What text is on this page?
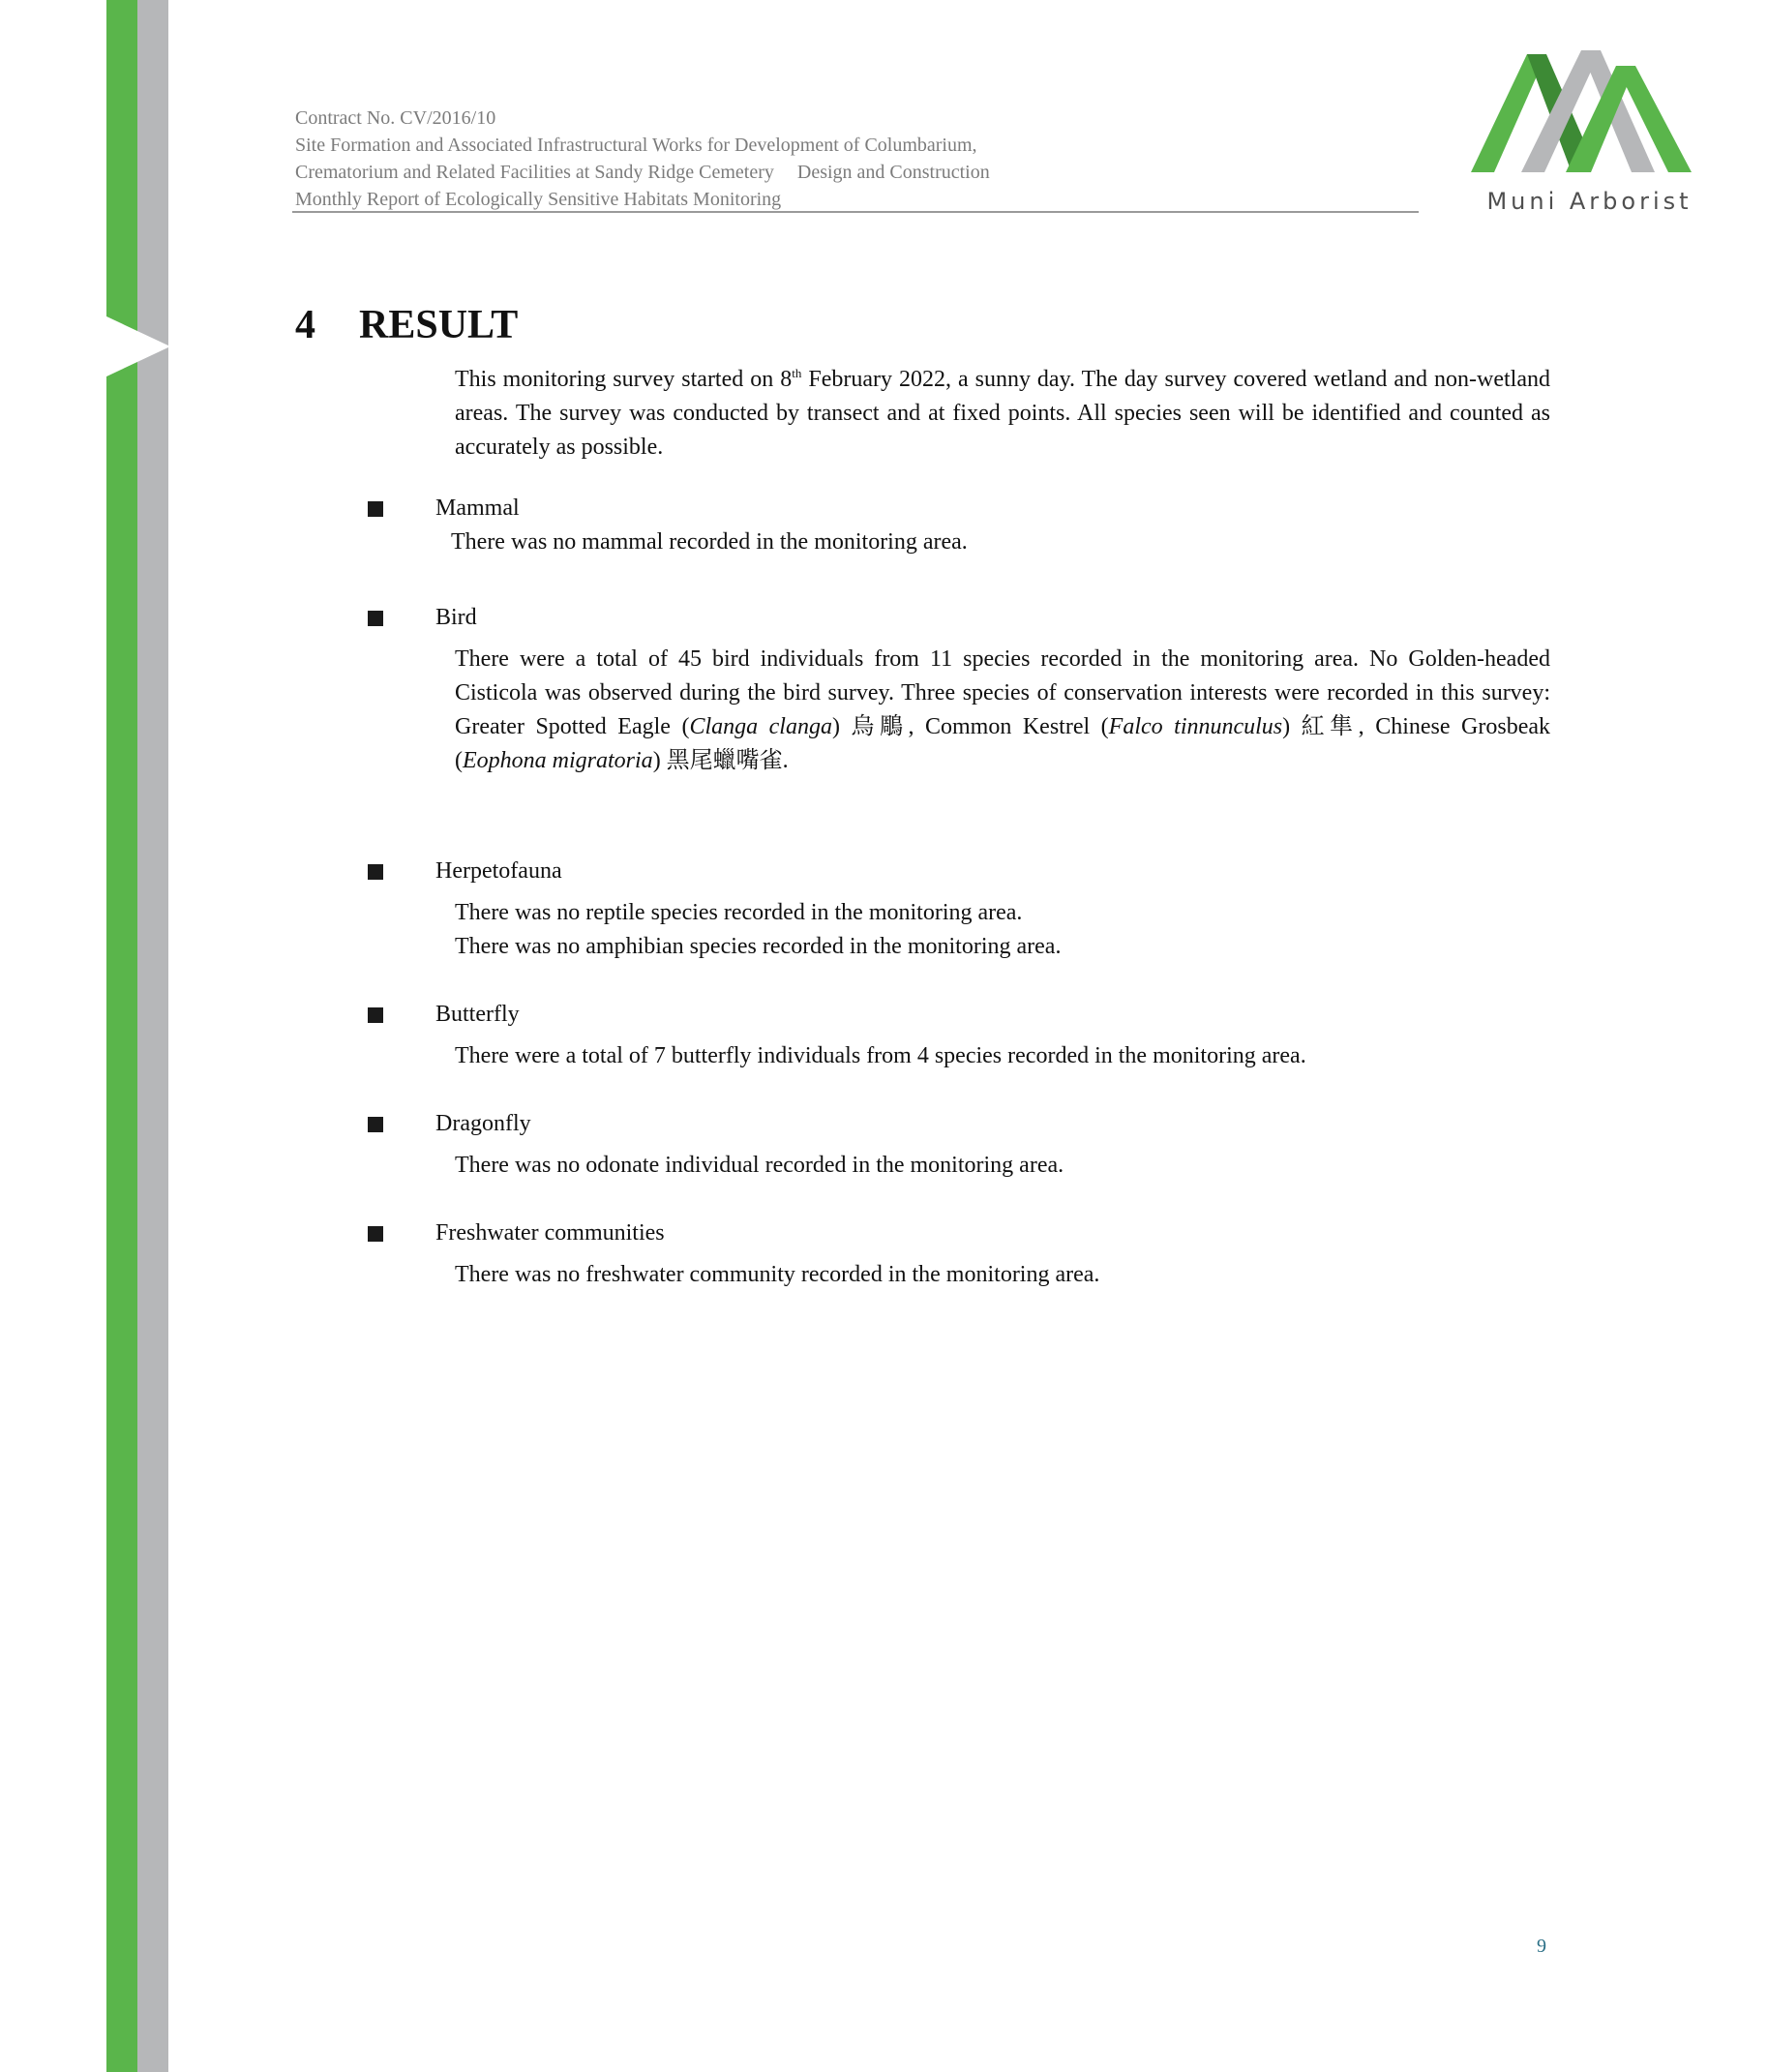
Contract No. CV/2016/10
Site Formation and Associated Infrastructural Works for Development of Columbarium,
Crematorium and Related Facilities at Sandy Ridge Cemetery Design and Construction
Monthly Report of Ecologically Sensitive Habitats Monitoring	Muni Arborist
4 RESULT
This monitoring survey started on 8th February 2022, a sunny day. The day survey covered wetland and non-wetland areas. The survey was conducted by transect and at fixed points. All species seen will be identified and counted as accurately as possible.
Mammal
There was no mammal recorded in the monitoring area.
Bird
There were a total of 45 bird individuals from 11 species recorded in the monitoring area. No Golden-headed Cisticola was observed during the bird survey. Three species of conservation interests were recorded in this survey: Greater Spotted Eagle (Clanga clanga) 烏鵰, Common Kestrel (Falco tinnunculus) 紅隼, Chinese Grosbeak (Eophona migratoria) 黑尾蠟嘴雀.
Herpetofauna
There was no reptile species recorded in the monitoring area.
There was no amphibian species recorded in the monitoring area.
Butterfly
There were a total of 7 butterfly individuals from 4 species recorded in the monitoring area.
Dragonfly
There was no odonate individual recorded in the monitoring area.
Freshwater communities
There was no freshwater community recorded in the monitoring area.
9
